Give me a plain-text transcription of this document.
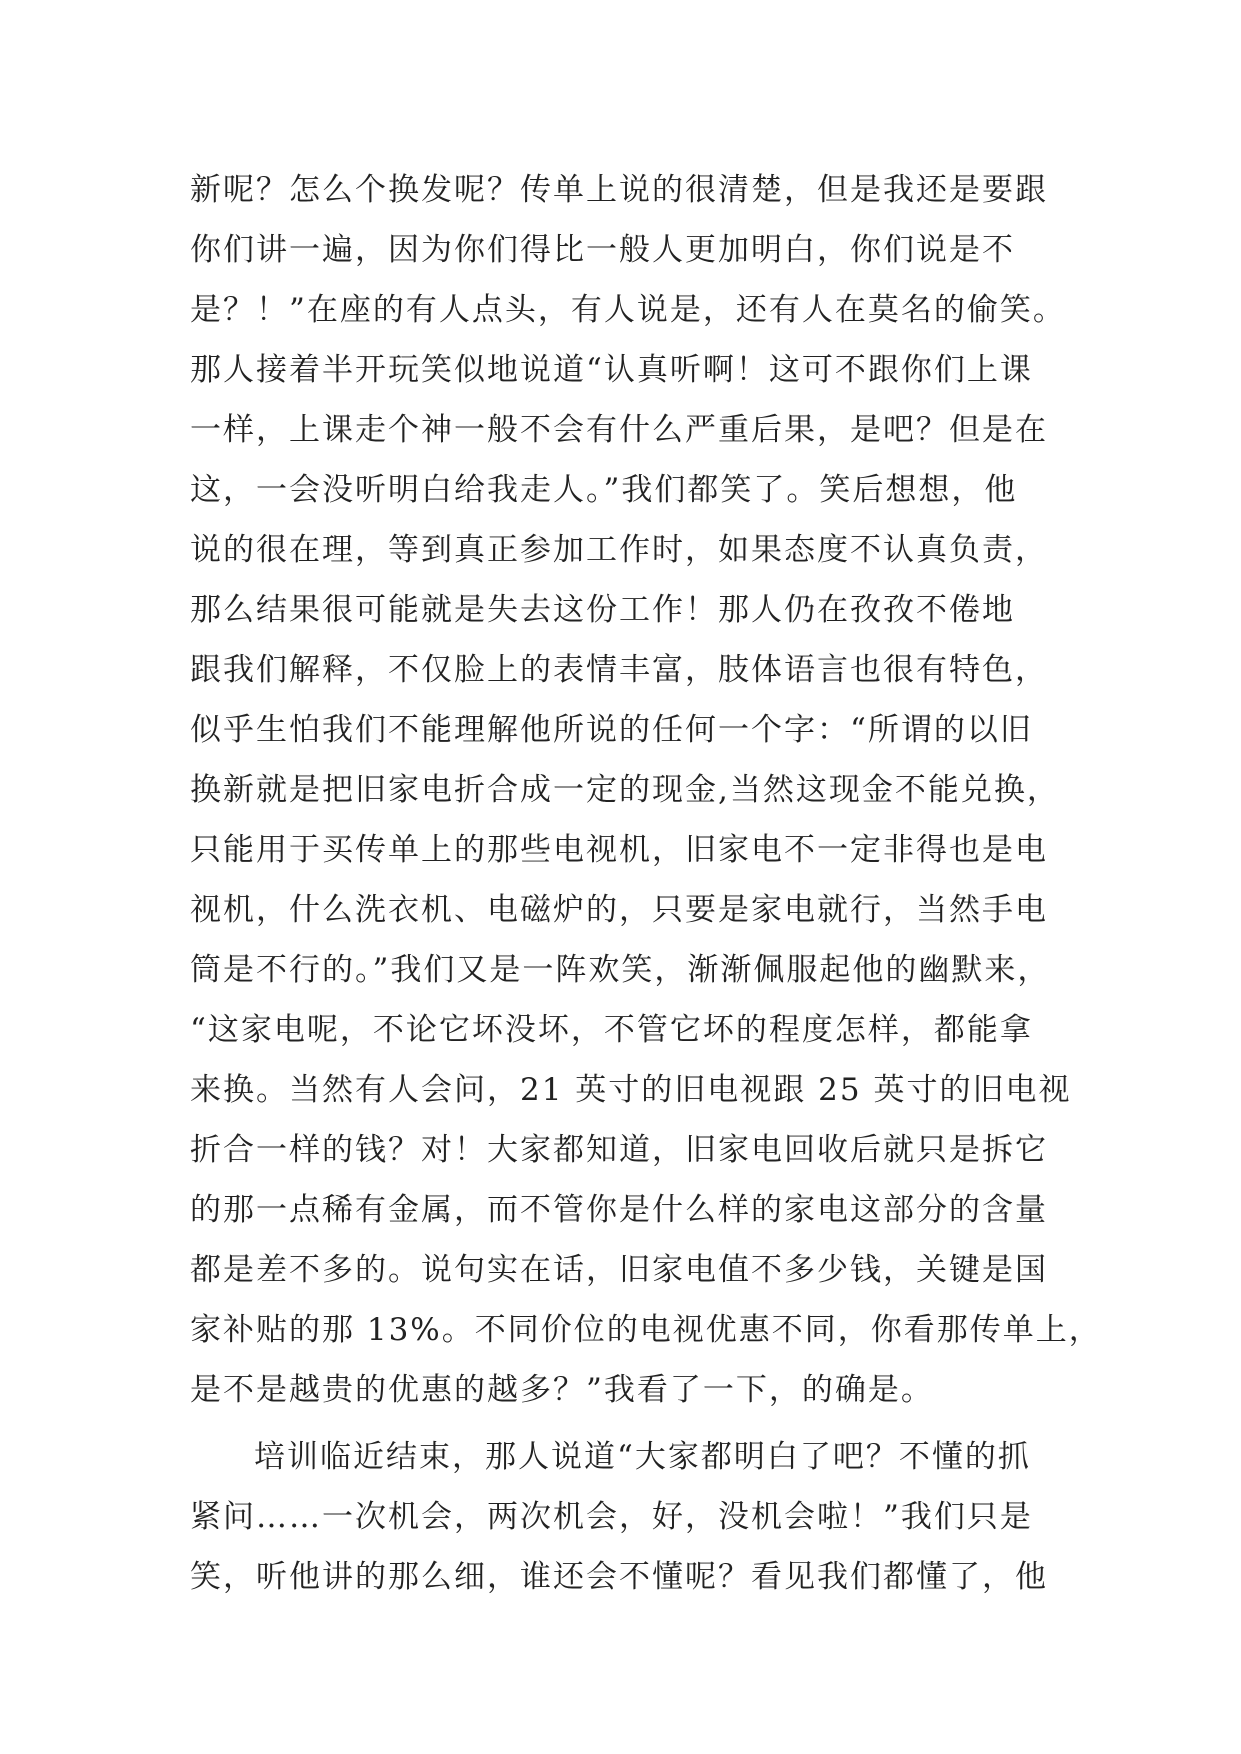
新呢？怎么个换发呢？传单上说的很清楚，但是我还是要跟
你们讲一遍，因为你们得比一般人更加明白，你们说是不
是？！”在座的有人点头，有人说是，还有人在莫名的偷笑。
那人接着半开玩笑似地说道“认真听啊！这可不跟你们上课
一样，上课走个神一般不会有什么严重后果，是吧？但是在
这，一会没听明白给我走人。”我们都笑了。笑后想想，他
说的很在理，等到真正参加工作时，如果态度不认真负责，
那么结果很可能就是失去这份工作！那人仍在孜孜不倦地
跟我们解释，不仅脸上的表情丰富，肢体语言也很有特色，
似乎生怕我们不能理解他所说的任何一个字：“所谓的以旧
换新就是把旧家电折合成一定的现金,当然这现金不能兑换，
只能用于买传单上的那些电视机，旧家电不一定非得也是电
视机，什么洗衣机、电磁炉的，只要是家电就行，当然手电
筒是不行的。”我们又是一阵欢笑，渐渐佩服起他的幽默来，
“这家电呢，不论它坏没坏，不管它坏的程度怎样，都能拿
来换。当然有人会问，21 英寸的旧电视跟 25 英寸的旧电视
折合一样的钱？对！大家都知道，旧家电回收后就只是拆它
的那一点稀有金属，而不管你是什么样的家电这部分的含量
都是差不多的。说句实在话，旧家电值不多少钱，关键是国
家补贴的那 13%。不同价位的电视优惠不同，你看那传单上，
是不是越贵的优惠的越多？”我看了一下，的确是。
培训临近结束，那人说道“大家都明白了吧？不懂的抓
紧问……一次机会，两次机会，好，没机会啦！”我们只是
笑，听他讲的那么细，谁还会不懂呢？看见我们都懂了，他
